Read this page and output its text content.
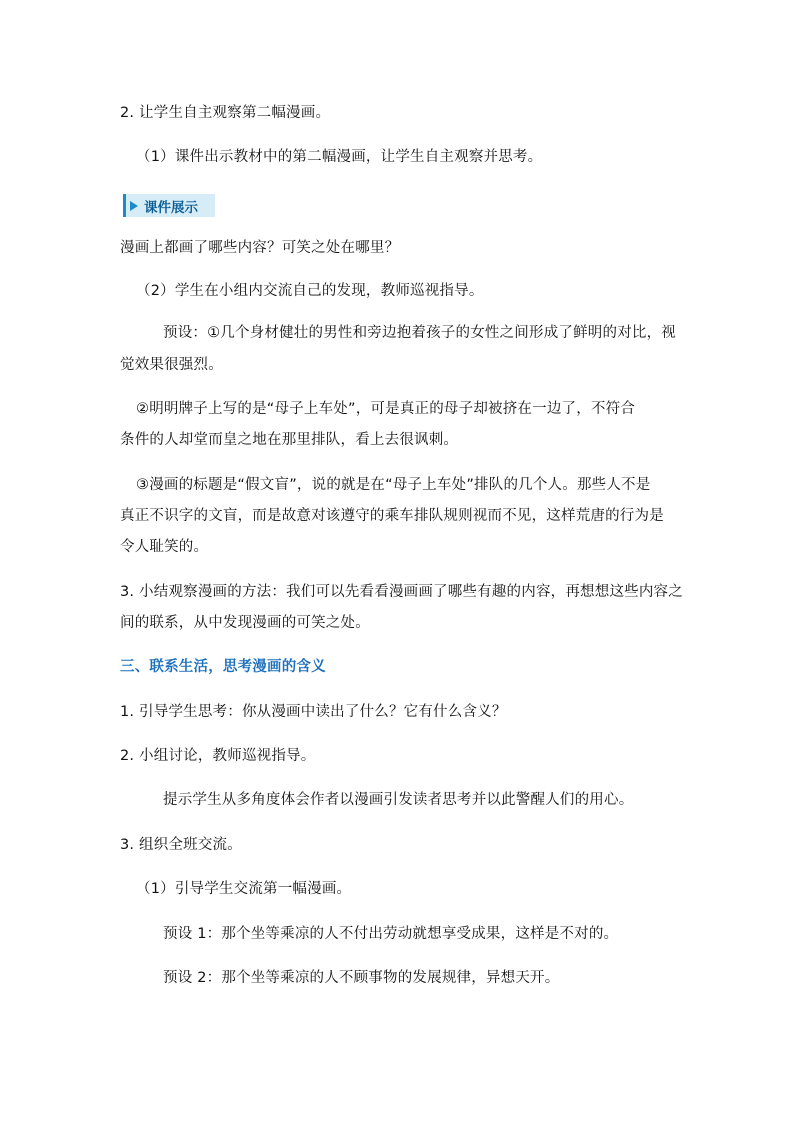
2. 让学生自主观察第二幅漫画。
（1）课件出示教材中的第二幅漫画，让学生自主观察并思考。
课件展示
漫画上都画了哪些内容？可笑之处在哪里？
（2）学生在小组内交流自己的发现，教师巡视指导。
预设：①几个身材健壮的男性和旁边抱着孩子的女性之间形成了鲜明的对比，视
觉效果很强烈。
②明明牌子上写的是“母子上车处”，可是真正的母子却被挤在一边了，不符合
条件的人却堂而皇之地在那里排队，看上去很讽刺。
③漫画的标题是“假文盲”，说的就是在“母子上车处”排队的几个人。那些人不是
真正不识字的文盲，而是故意对该遵守的乘车排队规则视而不见，这样荒唐的行为是
令人耻笑的。
3. 小结观察漫画的方法：我们可以先看看漫画画了哪些有趣的内容，再想想这些内容之
间的联系，从中发现漫画的可笑之处。
三、联系生活，思考漫画的含义
1. 引导学生思考：你从漫画中读出了什么？它有什么含义？
2. 小组讨论，教师巡视指导。
提示学生从多角度体会作者以漫画引发读者思考并以此警醒人们的用心。
3. 组织全班交流。
（1）引导学生交流第一幅漫画。
预设 1：那个坐等乘凉的人不付出劳动就想享受成果，这样是不对的。
预设 2：那个坐等乘凉的人不顾事物的发展规律，异想天开。
